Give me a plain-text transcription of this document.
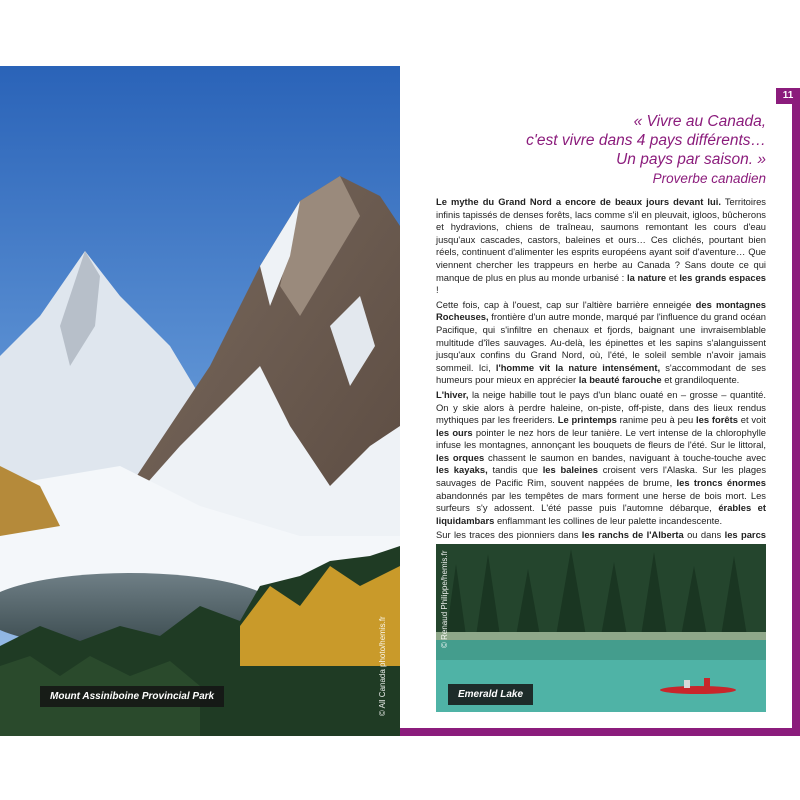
Mount Assiniboine Provincial Park	© All Canada photo/hemis.fr
11
« Vivre au Canada,
c'est vivre dans 4 pays différents…
Un pays par saison. »
Proverbe canadien

Le mythe du Grand Nord a encore de beaux jours devant lui. Territoires infinis tapissés de denses forêts, lacs comme s'il en pleuvait, igloos, bûcherons et hydravions, chiens de traîneau, saumons remontant les cours d'eau jusqu'aux cascades, castors, baleines et ours… Ces clichés, pourtant bien réels, continuent d'alimenter les esprits européens ayant soif d'aventure… Que viennent chercher les trappeurs en herbe au Canada ? Sans doute ce qui manque de plus en plus au monde urbanisé : la nature et les grands espaces !

Cette fois, cap à l'ouest, cap sur l'altière barrière enneigée des montagnes Rocheuses, frontière d'un autre monde, marqué par l'influence du grand océan Pacifique, qui s'infiltre en chenaux et fjords, baignant une invraisemblable multitude d'îles sauvages. Au-delà, les épinettes et les sapins s'alanguissent jusqu'aux confins du Grand Nord, où, l'été, le soleil semble n'avoir jamais sommeil. Ici, l'homme vit la nature intensément, s'accommodant de ses humeurs pour mieux en apprécier la beauté farouche et grandiloquente.

L'hiver, la neige habille tout le pays d'un blanc ouaté en – grosse – quantité. On y skie alors à perdre haleine, on-piste, off-piste, dans des lieux rendus mythiques par les freeriders. Le printemps ranime peu à peu les forêts et voit les ours pointer le nez hors de leur tanière. Le vert intense de la chlorophylle infuse les montagnes, annonçant les bouquets de fleurs de l'été. Sur le littoral, les orques chassent le saumon en bandes, naviguant à touche-touche avec les kayaks, tandis que les baleines croisent vers l'Alaska. Sur les plages sauvages de Pacific Rim, souvent nappées de brume, les troncs énormes abandonnés par les tempêtes de mars forment une herse de bois mort. Les surfeurs s'y adossent. L'été passe puis l'automne débarque, érables et liquidambars enflammant les collines de leur palette incandescente.

Sur les traces des pionniers dans les ranchs de l'Alberta ou dans les parcs

Emerald Lake
© Renaud Philippe/hemis.fr
